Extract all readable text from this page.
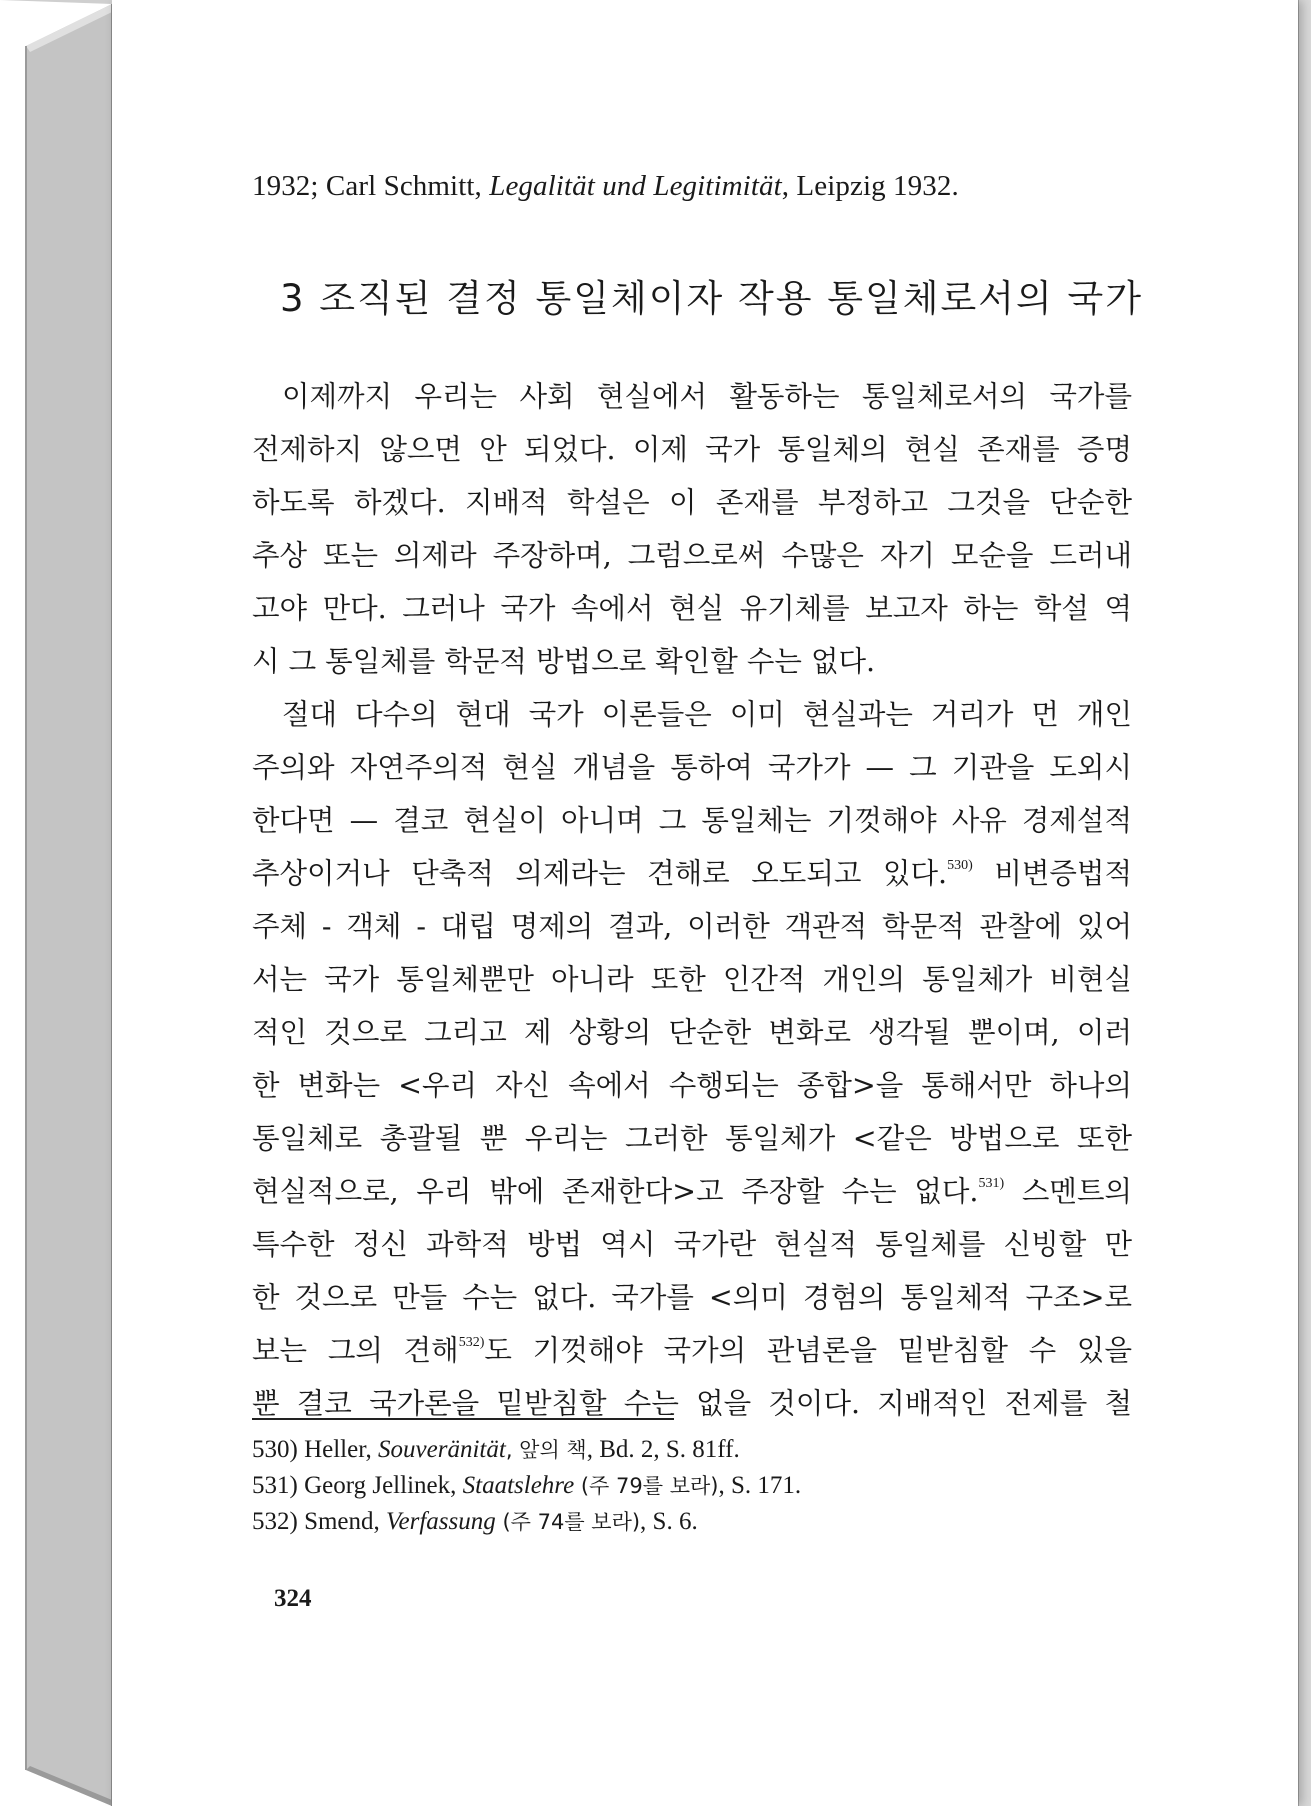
1932; Carl Schmitt, Legalität und Legitimität, Leipzig 1932.
3 조직된 결정 통일체이자 작용 통일체로서의 국가
이제까지 우리는 사회 현실에서 활동하는 통일체로서의 국가를
전제하지 않으면 안 되었다. 이제 국가 통일체의 현실 존재를 증명
하도록 하겠다. 지배적 학설은 이 존재를 부정하고 그것을 단순한
추상 또는 의제라 주장하며, 그럼으로써 수많은 자기 모순을 드러내
고야 만다. 그러나 국가 속에서 현실 유기체를 보고자 하는 학설 역
시 그 통일체를 학문적 방법으로 확인할 수는 없다.
절대 다수의 현대 국가 이론들은 이미 현실과는 거리가 먼 개인
주의와 자연주의적 현실 개념을 통하여 국가가 — 그 기관을 도외시
한다면 — 결코 현실이 아니며 그 통일체는 기껏해야 사유 경제설적
추상이거나 단축적 의제라는 견해로 오도되고 있다.$^{530)}$ 비변증법적
주체 - 객체 - 대립 명제의 결과, 이러한 객관적 학문적 관찰에 있어
서는 국가 통일체뿐만 아니라 또한 인간적 개인의 통일체가 비현실
적인 것으로 그리고 제 상황의 단순한 변화로 생각될 뿐이며, 이러
한 변화는 <우리 자신 속에서 수행되는 종합>을 통해서만 하나의
통일체로 총괄될 뿐 우리는 그러한 통일체가 <같은 방법으로 또한
현실적으로, 우리 밖에 존재한다>고 주장할 수는 없다.$^{531)}$ 스멘트의
특수한 정신 과학적 방법 역시 국가란 현실적 통일체를 신빙할 만
한 것으로 만들 수는 없다. 국가를 <의미 경험의 통일체적 구조>로
보는 그의 견해$^{532)}$도 기껏해야 국가의 관념론을 밑받침할 수 있을
뿐 결코 국가론을 밑받침할 수는 없을 것이다. 지배적인 전제를 철
530) Heller, Souveränität, 앞의 책, Bd. 2, S. 81ff.
531) Georg Jellinek, Staatslehre (주 79를 보라), S. 171.
532) Smend, Verfassung (주 74를 보라), S. 6.
324
